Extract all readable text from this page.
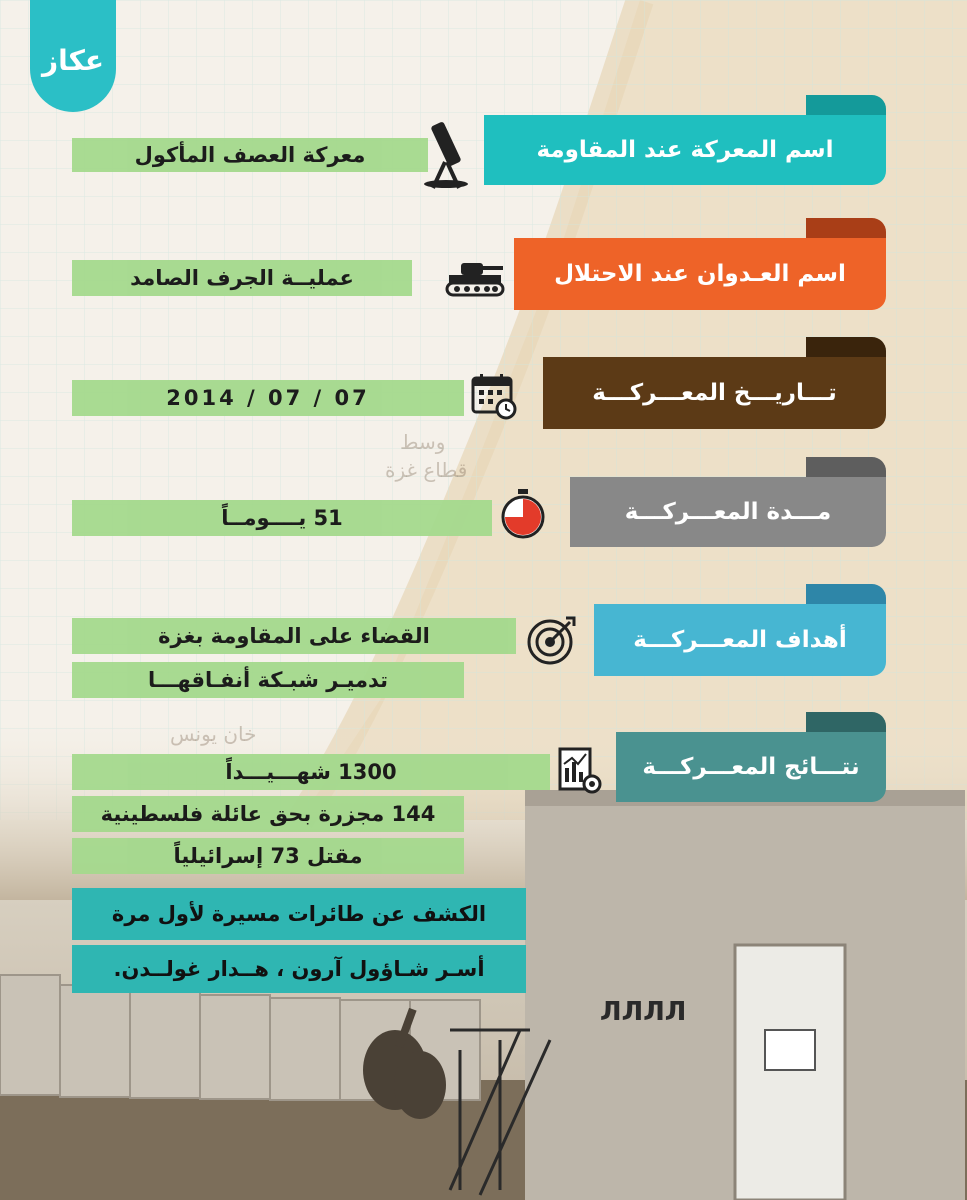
ЛЛЛЛ
وسط
قطاع غزة
خان يونس
عكاز
اسم المعركة عند المقاومة
معركة العصف المأكول
اسم العـدوان عند الاحتلال
عمليــة الجرف الصامد
تـــاريـــخ المعـــركـــة
2014 / 07 / 07
مـــدة المعـــركـــة
51 يــــومــاً
أهداف المعـــركـــة
القضاء على المقاومة بغزة
تدميـر شبـكة أنفـاقهـــا
نتـــائج المعـــركـــة
1300 شهـــيـــداً
144 مجزرة بحق عائلة فلسطينية
مقتل 73 إسرائيلياً
الكشف عن طائرات مسيرة لأول مرة
أسـر شـاؤول آرون ، هــدار غولــدن.
